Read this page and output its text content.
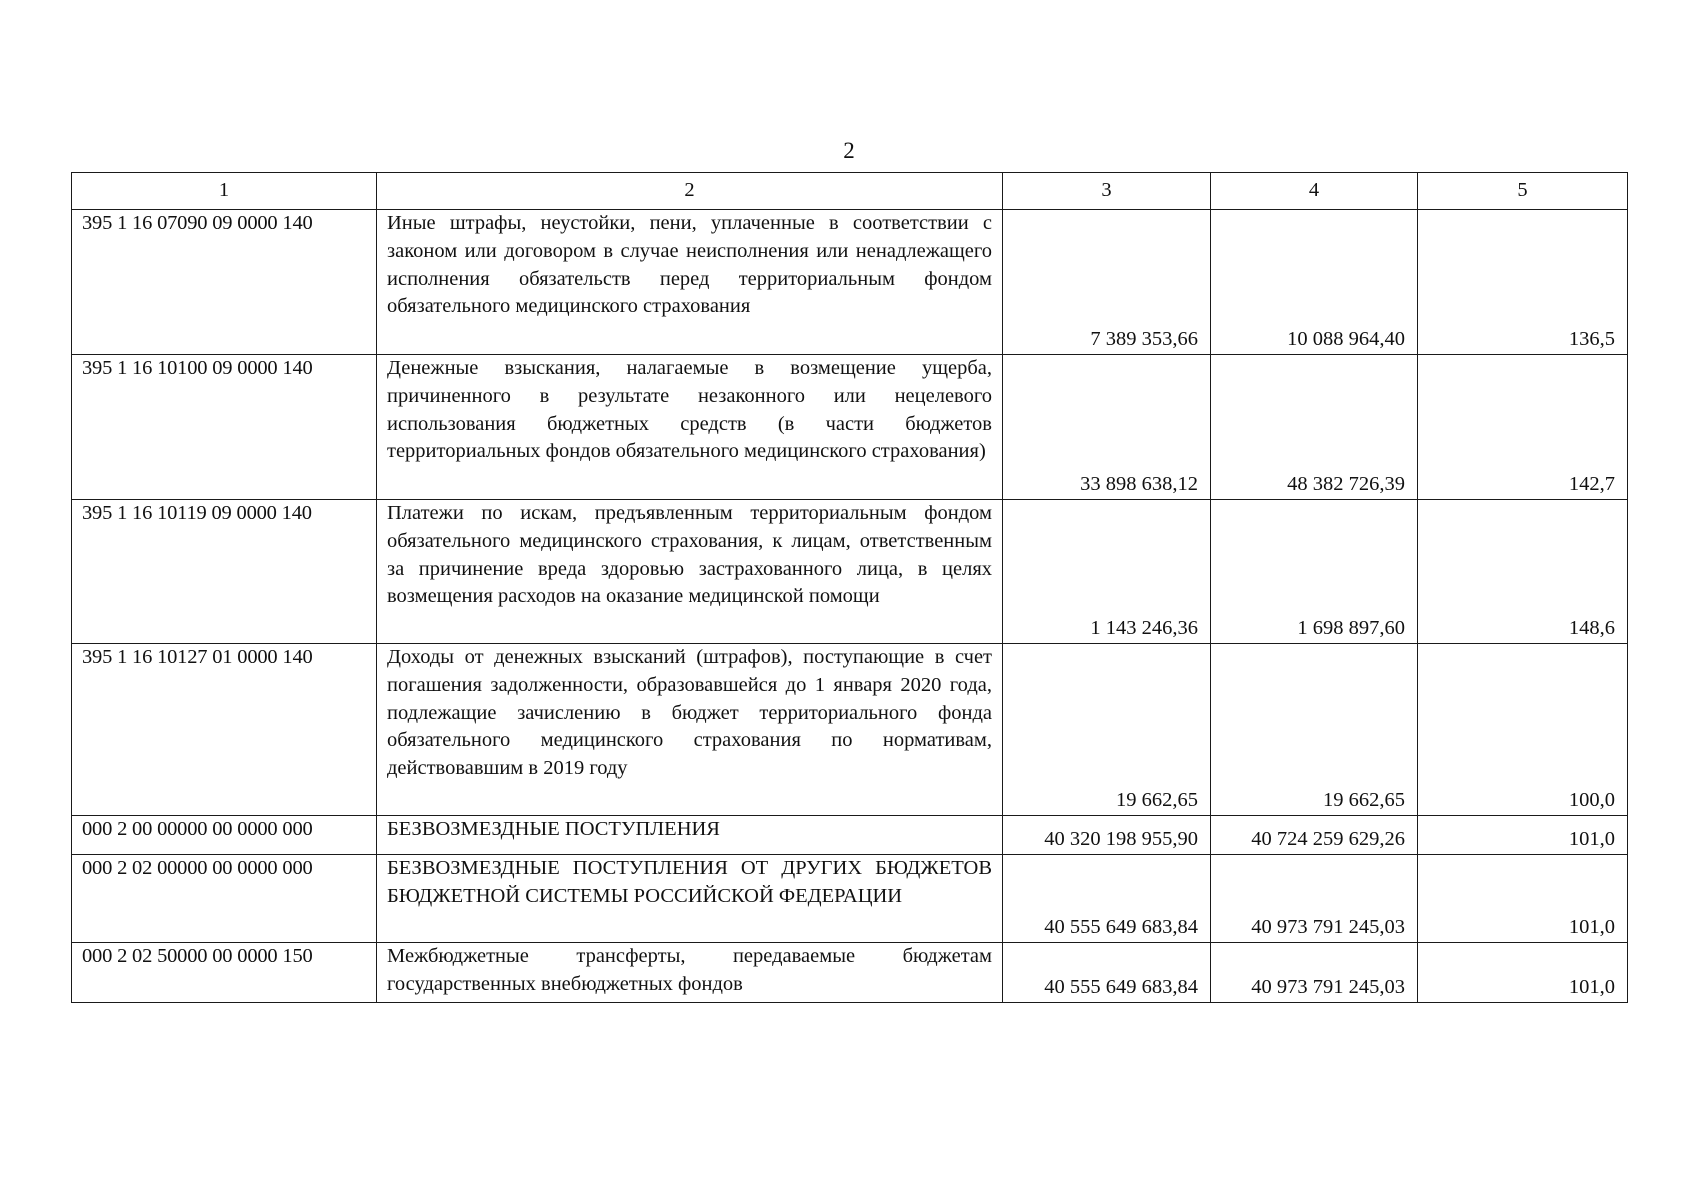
2
1	2	3	4	5
395 1 16 07090 09 0000 140	Иные штрафы, неустойки, пени, уплаченные в соответствии с законом или договором в случае неисполнения или ненадлежащего исполнения обязательств перед территориальным фондом обязательного медицинского страхования	7 389 353,66	10 088 964,40	136,5
395 1 16 10100 09 0000 140	Денежные взыскания, налагаемые в возмещение ущерба, причиненного в результате незаконного или нецелевого использования бюджетных средств (в части бюджетов территориальных фондов обязательного медицинского страхования)	33 898 638,12	48 382 726,39	142,7
395 1 16 10119 09 0000 140	Платежи по искам, предъявленным территориальным фондом обязательного медицинского страхования, к лицам, ответственным за причинение вреда здоровью застрахованного лица, в целях возмещения расходов на оказание медицинской помощи	1 143 246,36	1 698 897,60	148,6
395 1 16 10127 01 0000 140	Доходы от денежных взысканий (штрафов), поступающие в счет погашения задолженности, образовавшейся до 1 января 2020 года, подлежащие зачислению в бюджет территориального фонда обязательного медицинского страхования по нормативам, действовавшим в 2019 году	19 662,65	19 662,65	100,0
000 2 00 00000 00 0000 000	БЕЗВОЗМЕЗДНЫЕ ПОСТУПЛЕНИЯ	40 320 198 955,90	40 724 259 629,26	101,0
000 2 02 00000 00 0000 000	БЕЗВОЗМЕЗДНЫЕ ПОСТУПЛЕНИЯ ОТ ДРУГИХ БЮДЖЕТОВ БЮДЖЕТНОЙ СИСТЕМЫ РОССИЙСКОЙ ФЕДЕРАЦИИ	40 555 649 683,84	40 973 791 245,03	101,0
000 2 02 50000 00 0000 150	Межбюджетные трансферты, передаваемые бюджетам государственных внебюджетных фондов	40 555 649 683,84	40 973 791 245,03	101,0
